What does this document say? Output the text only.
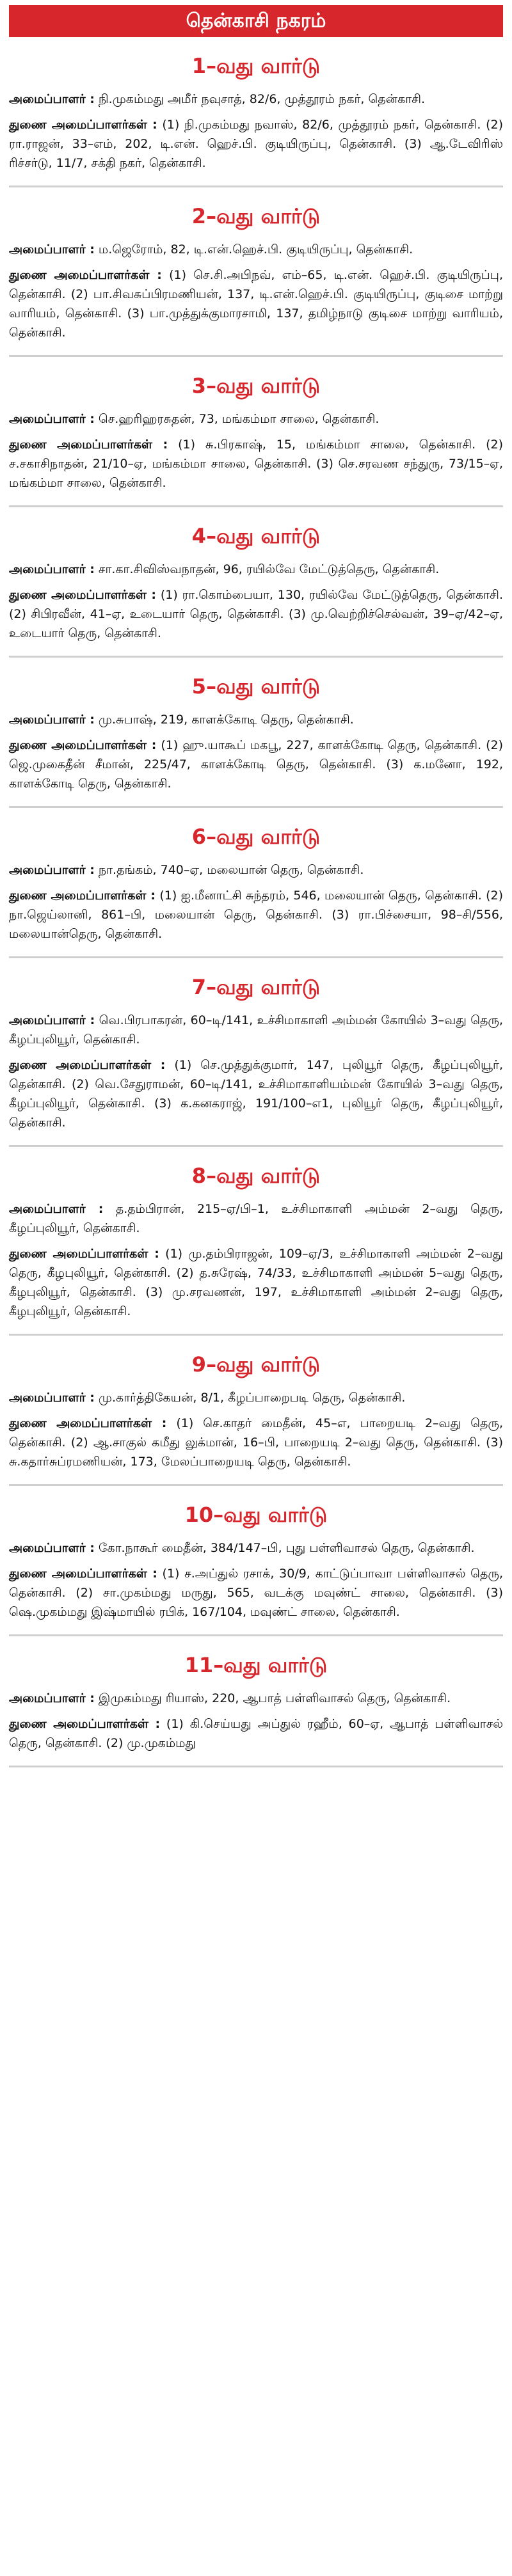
தென்காசி நகரம்
1–வது வார்டு
அமைப்பாளர் : நி.முகம்மது அமீர் நவுசாத், 82/6, முத்தூரம் நகர், தென்காசி.
துணை அமைப்பாளர்கள் : (1) நி.முகம்மது நவாஸ், 82/6, முத்தூரம் நகர், தென்காசி. (2) ரா.ராஜன், 33–எம், 202, டி.என். ஹெச்.பி. குடியிருப்பு, தென்காசி. (3) ஆ.டேவிரிஸ் ரிச்சர்டு, 11/7, சக்தி நகர், தென்காசி.
2–வது வார்டு
அமைப்பாளர் : ம.ஜெரோம், 82, டி.என்.ஹெச்.பி. குடியிருப்பு, தென்காசி.
துணை அமைப்பாளர்கள் : (1) செ.சி.அபிநவ், எம்–65, டி.என். ஹெச்.பி. குடியிருப்பு, தென்காசி. (2) பா.சிவசுப்பிரமணியன், 137, டி.என்.ஹெச்.பி. குடியிருப்பு, குடிசை மாற்று வாரியம், தென்காசி. (3) பா.முத்துக்குமாரசாமி, 137, தமிழ்நாடு குடிசை மாற்று வாரியம், தென்காசி.
3–வது வார்டு
அமைப்பாளர் : செ.ஹரிஹரசுதன், 73, மங்கம்மா சாலை, தென்காசி.
துணை அமைப்பாளர்கள் : (1) சு.பிரகாஷ், 15, மங்கம்மா சாலை, தென்காசி. (2) ச.சகாசிநாதன், 21/10–ஏ, மங்கம்மா சாலை, தென்காசி. (3) செ.சரவண சந்துரு, 73/15–ஏ, மங்கம்மா சாலை, தென்காசி.
4–வது வார்டு
அமைப்பாளர் : சா.கா.சிவிஸ்வநாதன், 96, ரயில்வே மேட்டுத்தெரு, தென்காசி.
துணை அமைப்பாளர்கள் : (1) ரா.கொம்பையா, 130, ரயில்வே மேட்டுத்தெரு, தென்காசி. (2) சிபிரவீன், 41–ஏ, உடையார் தெரு, தென்காசி. (3) மு.வெற்றிச்செல்வன், 39–ஏ/42–ஏ, உடையார் தெரு, தென்காசி.
5–வது வார்டு
அமைப்பாளர் : மு.சுபாஷ், 219, காளக்கோடி தெரு, தென்காசி.
துணை அமைப்பாளர்கள் : (1) ஹு.யாகூப் மகபூ, 227, காளக்கோடி தெரு, தென்காசி. (2) ஜெ.முகைதீன் சீமான், 225/47, காளக்கோடி தெரு, தென்காசி. (3) க.மனோ, 192, காளக்கோடி தெரு, தென்காசி.
6–வது வார்டு
அமைப்பாளர் : நா.தங்கம், 740–ஏ, மலையான் தெரு, தென்காசி.
துணை அமைப்பாளர்கள் : (1) ஐ.மீனாட்சி சுந்தரம், 546, மலையான் தெரு, தென்காசி. (2) நா.ஜெய்லானி, 861–பி, மலையான் தெரு, தென்காசி. (3) ரா.பிச்சையா, 98–சி/556, மலையான்தெரு, தென்காசி.
7–வது வார்டு
அமைப்பாளர் : வெ.பிரபாகரன், 60–டி/141, உச்சிமாகாளி அம்மன் கோயில் 3–வது தெரு, கீழப்புலியூர், தென்காசி.
துணை அமைப்பாளர்கள் : (1) செ.முத்துக்குமார், 147, புலியூர் தெரு, கீழப்புலியூர், தென்காசி. (2) வெ.சேதுராமன், 60–டி/141, உச்சிமாகாளியம்மன் கோயில் 3–வது தெரு, கீழப்புலியூர், தென்காசி. (3) க.கனகராஜ், 191/100–எ1, புலியூர் தெரு, கீழப்புலியூர், தென்காசி.
8–வது வார்டு
அமைப்பாளர் : த.தம்பிரான், 215–ஏ/பி–1, உச்சிமாகாளி அம்மன் 2–வது தெரு, கீழப்புலியூர், தென்காசி.
துணை அமைப்பாளர்கள் : (1) மு.தம்பிராஜன், 109–ஏ/3, உச்சிமாகாளி அம்மன் 2–வது தெரு, கீழபுலியூர், தென்காசி. (2) த.சுரேஷ், 74/33, உச்சிமாகாளி அம்மன் 5–வது தெரு, கீழபுலியூர், தென்காசி. (3) மு.சரவணன், 197, உச்சிமாகாளி அம்மன் 2–வது தெரு, கீழபுலியூர், தென்காசி.
9–வது வார்டு
அமைப்பாளர் : மு.கார்த்திகேயன், 8/1, கீழப்பாறைபடி தெரு, தென்காசி.
துணை அமைப்பாளர்கள் : (1) செ.காதர் மைதீன், 45–எ, பாறையடி 2–வது தெரு, தென்காசி. (2) ஆ.சாகுல் கமீது லுக்மான், 16–பி, பாறையடி 2–வது தெரு, தென்காசி. (3) சு.கதார்சுப்ரமணியன், 173, மேலப்பாறையடி தெரு, தென்காசி.
10–வது வார்டு
அமைப்பாளர் : கோ.நாகூர் மைதீன், 384/147–பி, புது பள்ளிவாசல் தெரு, தென்காசி.
துணை அமைப்பாளர்கள் : (1) ச.அப்துல் ரசாக், 30/9, காட்டுப்பாவா பள்ளிவாசல் தெரு, தென்காசி. (2) சா.முகம்மது மருது, 565, வடக்கு மவுண்ட் சாலை, தென்காசி. (3) ஷெ.முகம்மது இஷ்மாயில் ரபிக், 167/104, மவுண்ட் சாலை, தென்காசி.
11–வது வார்டு
அமைப்பாளர் : இமுகம்மது ரியாஸ், 220, ஆபாத் பள்ளிவாசல் தெரு, தென்காசி.
துணை அமைப்பாளர்கள் : (1) கி.செய்யது அப்துல் ரஹீம், 60–ஏ, ஆபாத் பள்ளிவாசல் தெரு, தென்காசி. (2) மு.முகம்மது
